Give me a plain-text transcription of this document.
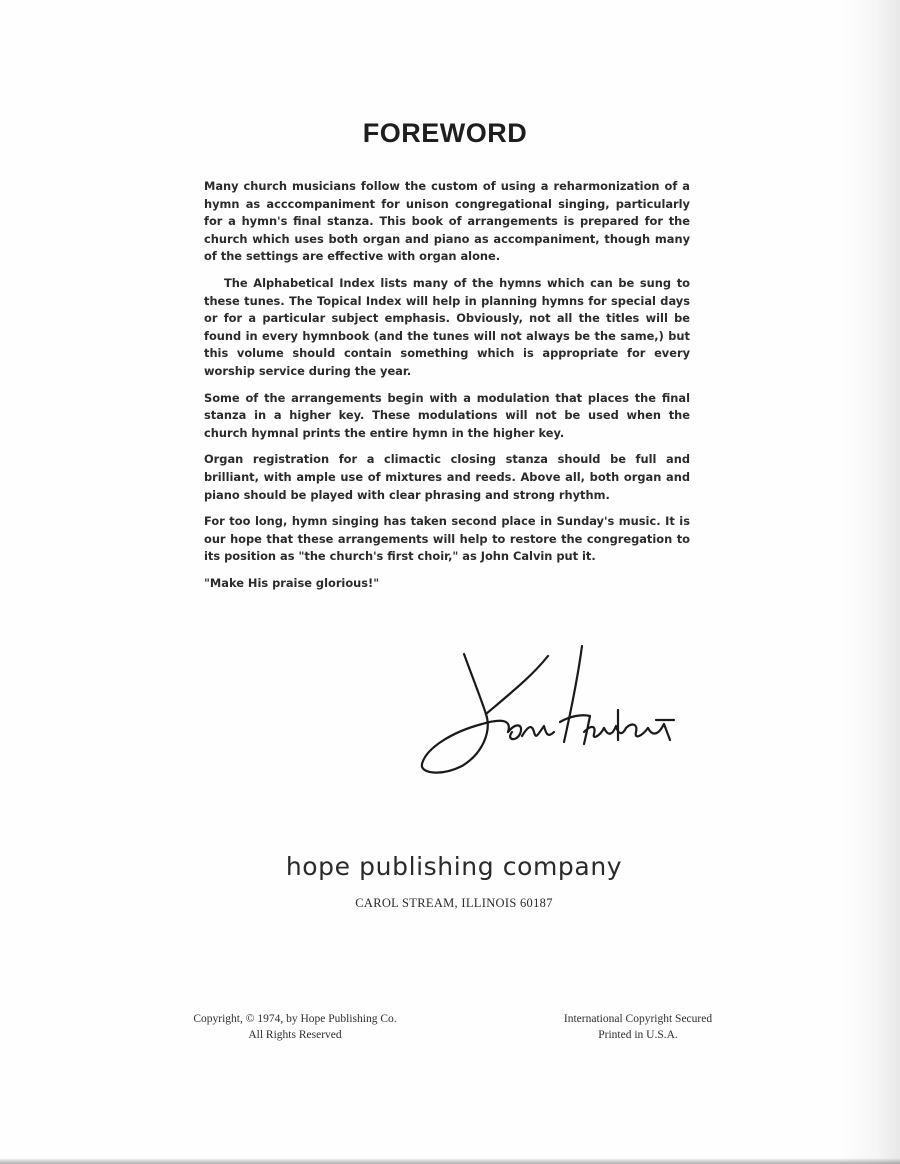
FOREWORD

Many church musicians follow the custom of using a reharmonization of a hymn as acccompaniment for unison congregational singing, particularly for a hymn's final stanza. This book of arrangements is prepared for the church which uses both organ and piano as accompaniment, though many of the settings are effective with organ alone.

The Alphabetical Index lists many of the hymns which can be sung to these tunes. The Topical Index will help in planning hymns for special days or for a particular subject emphasis. Obviously, not all the titles will be found in every hymnbook (and the tunes will not always be the same,) but this volume should contain something which is appropriate for every worship service during the year.

Some of the arrangements begin with a modulation that places the final stanza in a higher key. These modulations will not be used when the church hymnal prints the entire hymn in the higher key.

Organ registration for a climactic closing stanza should be full and brilliant, with ample use of mixtures and reeds. Above all, both organ and piano should be played with clear phrasing and strong rhythm.

For too long, hymn singing has taken second place in Sunday's music. It is our hope that these arrangements will help to restore the congregation to its position as "the church's first choir," as John Calvin put it.

"Make His praise glorious!"

hope publishing company
CAROL STREAM, ILLINOIS 60187
Copyright, © 1974, by Hope Publishing Co.
All Rights Reserved
International Copyright Secured
Printed in U.S.A.
